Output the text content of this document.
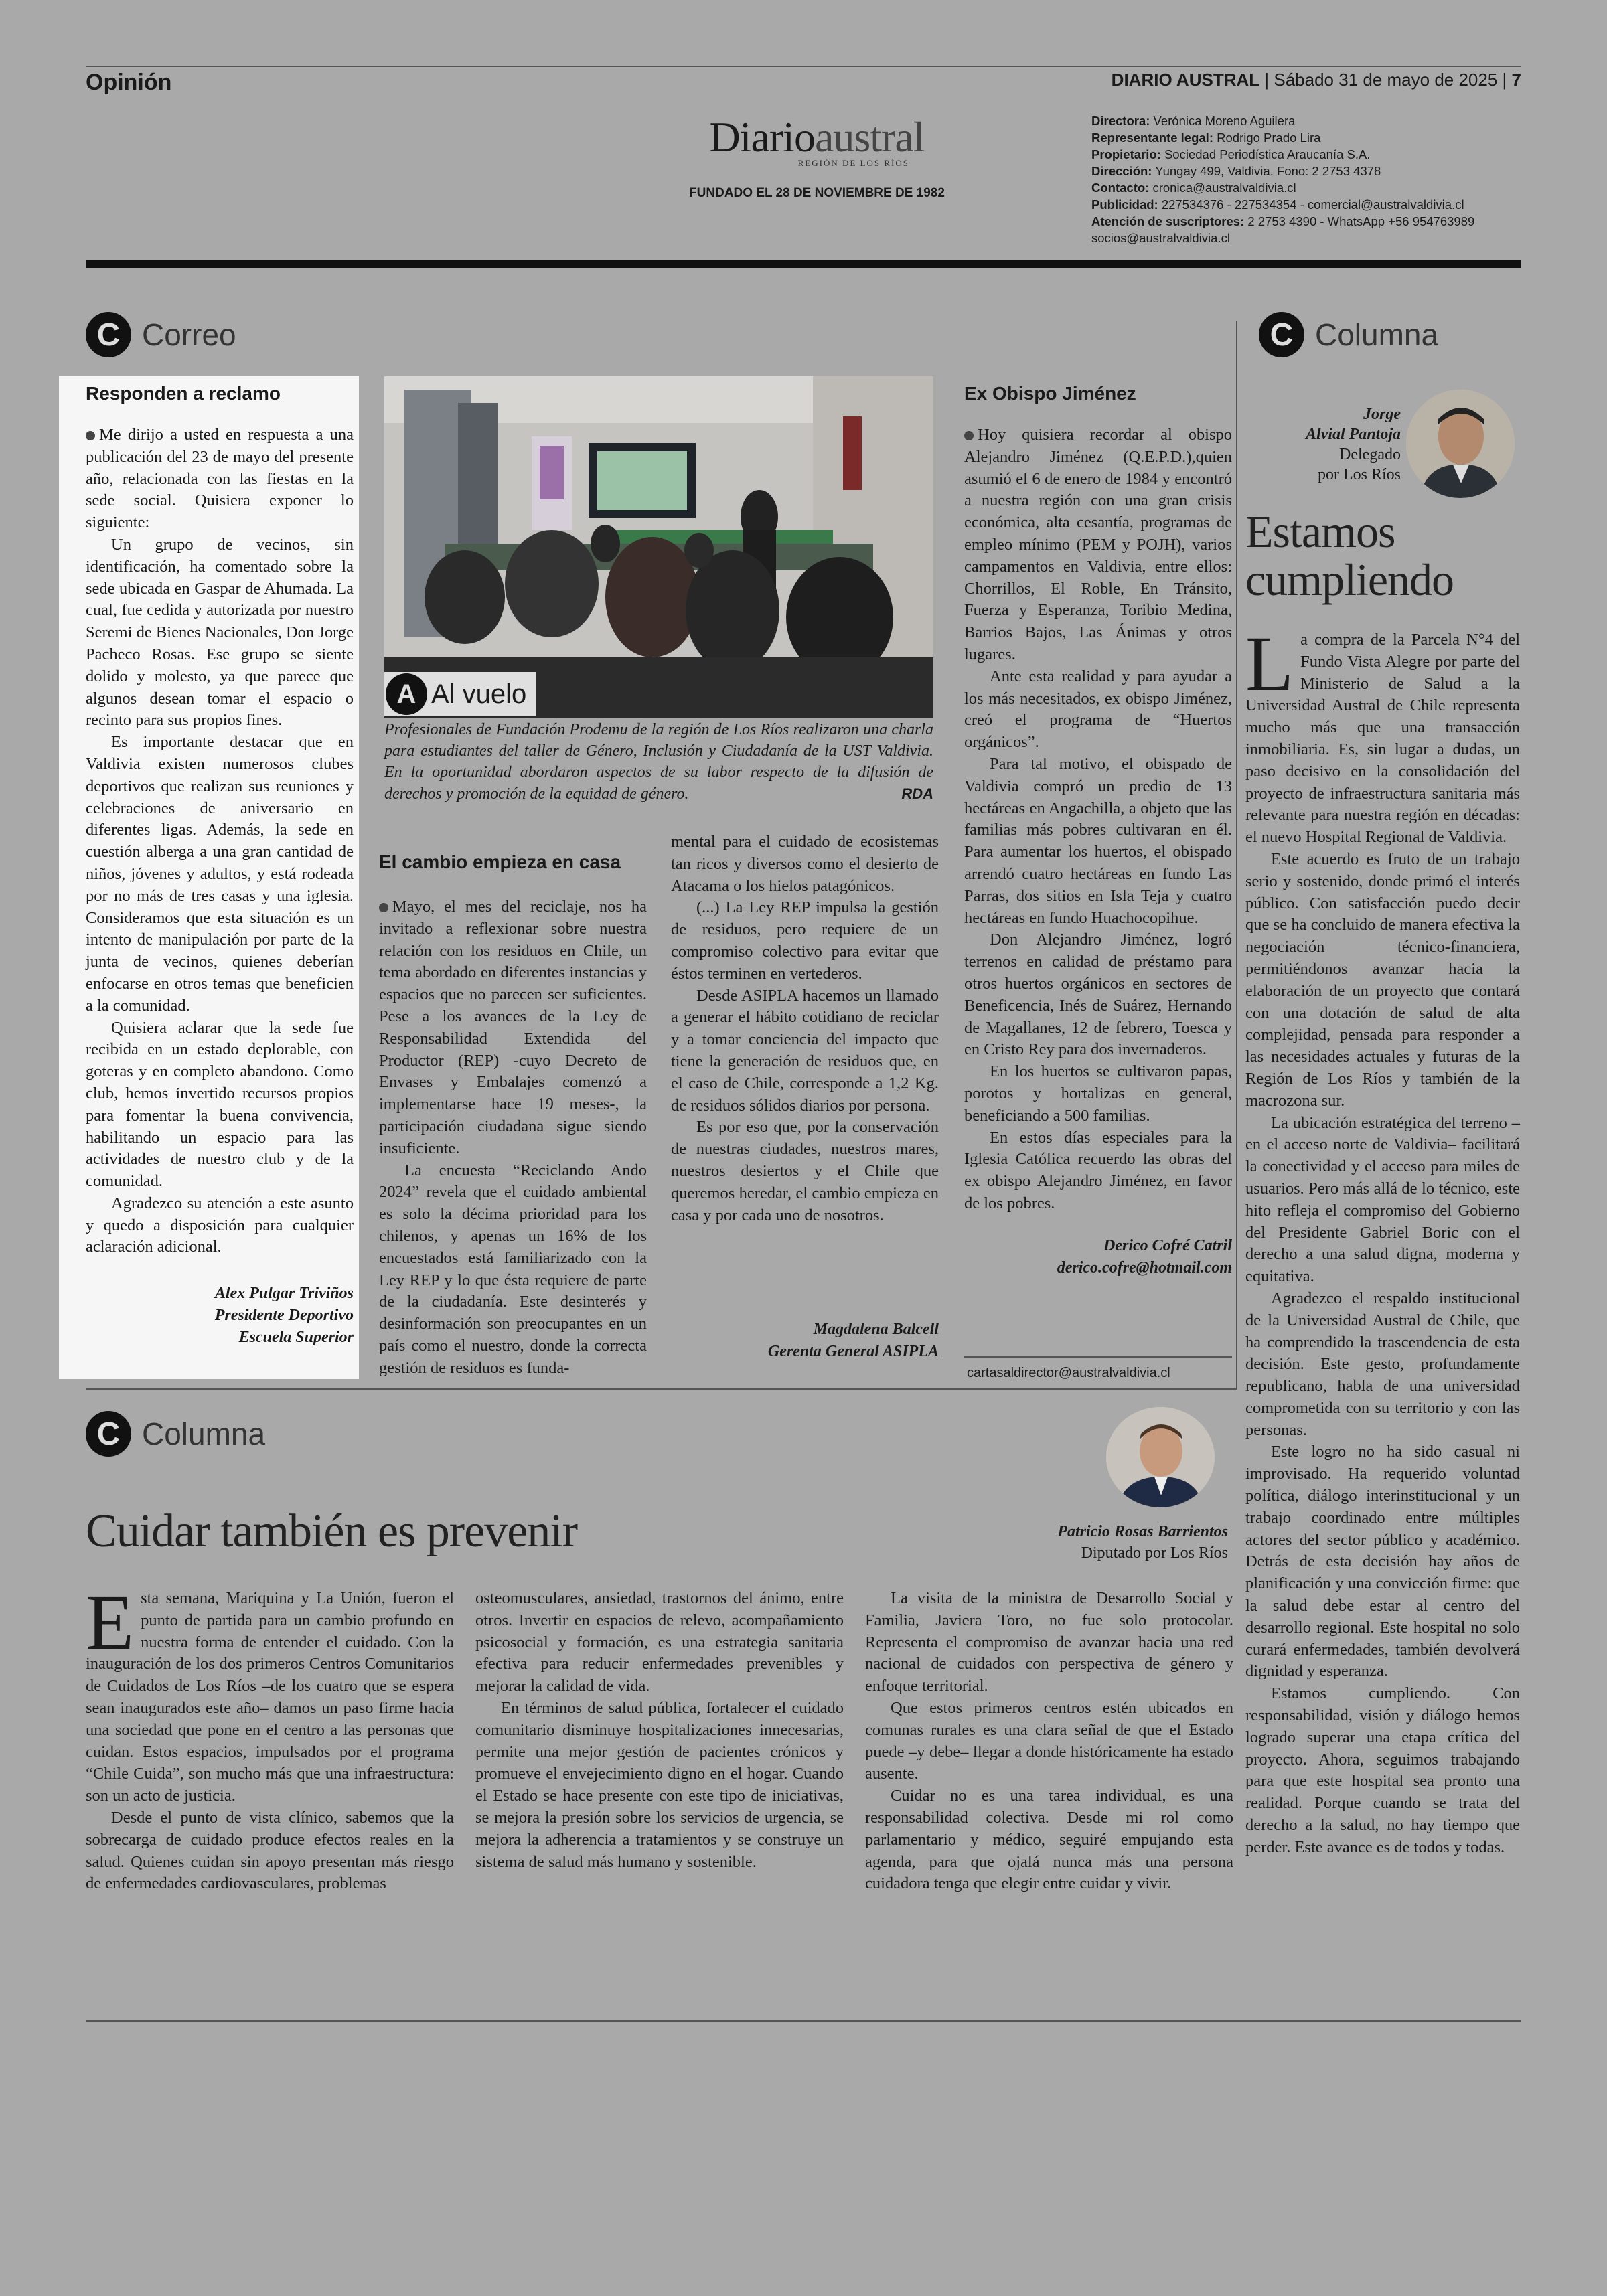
Opinión	DIARIO AUSTRAL | Sábado 31 de mayo de 2025 | 7
Diarioaustral
REGIÓN DE LOS RÍOS
FUNDADO EL 28 DE NOVIEMBRE DE 1982
Directora: Verónica Moreno Aguilera
Representante legal: Rodrigo Prado Lira
Propietario: Sociedad Periodística Araucanía S.A.
Dirección: Yungay 499, Valdivia. Fono: 2 2753 4378
Contacto: cronica@australvaldivia.cl
Publicidad: 227534376 - 227534354 - comercial@australvaldivia.cl
Atención de suscriptores: 2 2753 4390 - WhatsApp +56 954763989
socios@australvaldivia.cl
C Correo
Responden a reclamo

Me dirijo a usted en respuesta a una publicación del 23 de mayo del presente año, relacionada con las fiestas en la sede social. Quisiera exponer lo siguiente:

Un grupo de vecinos, sin identificación, ha comentado sobre la sede ubicada en Gaspar de Ahumada. La cual, fue cedida y autorizada por nuestro Seremi de Bienes Nacionales, Don Jorge Pacheco Rosas. Ese grupo se siente dolido y molesto, ya que parece que algunos desean tomar el espacio o recinto para sus propios fines.

Es importante destacar que en Valdivia existen numerosos clubes deportivos que realizan sus reuniones y celebraciones de aniversario en diferentes ligas. Además, la sede en cuestión alberga a una gran cantidad de niños, jóvenes y adultos, y está rodeada por no más de tres casas y una iglesia. Consideramos que esta situación es un intento de manipulación por parte de la junta de vecinos, quienes deberían enfocarse en otros temas que beneficien a la comunidad.

Quisiera aclarar que la sede fue recibida en un estado deplorable, con goteras y en completo abandono. Como club, hemos invertido recursos propios para fomentar la buena convivencia, habilitando un espacio para las actividades de nuestro club y de la comunidad.

Agradezco su atención a este asunto y quedo a disposición para cualquier aclaración adicional.

Alex Pulgar Triviños
Presidente Deportivo
Escuela Superior
A Al vuelo
Profesionales de Fundación Prodemu de la región de Los Ríos realizaron una charla para estudiantes del taller de Género, Inclusión y Ciudadanía de la UST Valdivia. En la oportunidad abordaron aspectos de su labor respecto de la difusión de derechos y promoción de la equidad de género.	RDA
El cambio empieza en casa

Mayo, el mes del reciclaje, nos ha invitado a reflexionar sobre nuestra relación con los residuos en Chile, un tema abordado en diferentes instancias y espacios que no parecen ser suficientes. Pese a los avances de la Ley de Responsabilidad Extendida del Productor (REP) -cuyo Decreto de Envases y Embalajes comenzó a implementarse hace 19 meses-, la participación ciudadana sigue siendo insuficiente.

La encuesta “Reciclando Ando 2024” revela que el cuidado ambiental es solo la décima prioridad para los chilenos, y apenas un 16% de los encuestados está familiarizado con la Ley REP y lo que ésta requiere de parte de la ciudadanía. Este desinterés y desinformación son preocupantes en un país como el nuestro, donde la correcta gestión de residuos es funda-

mental para el cuidado de ecosistemas tan ricos y diversos como el desierto de Atacama o los hielos patagónicos.

(...) La Ley REP impulsa la gestión de residuos, pero requiere de un compromiso colectivo para evitar que éstos terminen en vertederos.

Desde ASIPLA hacemos un llamado a generar el hábito cotidiano de reciclar y a tomar conciencia del impacto que tiene la generación de residuos que, en el caso de Chile, corresponde a 1,2 Kg. de residuos sólidos diarios por persona.

Es por eso que, por la conservación de nuestras ciudades, nuestros mares, nuestros desiertos y el Chile que queremos heredar, el cambio empieza en casa y por cada uno de nosotros.

Magdalena Balcell
Gerenta General ASIPLA
Ex Obispo Jiménez

Hoy quisiera recordar al obispo Alejandro Jiménez (Q.E.P.D.),quien asumió el 6 de enero de 1984 y encontró a nuestra región con una gran crisis económica, alta cesantía, programas de empleo mínimo (PEM y POJH), varios campamentos en Valdivia, entre ellos: Chorrillos, El Roble, En Tránsito, Fuerza y Esperanza, Toribio Medina, Barrios Bajos, Las Ánimas y otros lugares.

Ante esta realidad y para ayudar a los más necesitados, ex obispo Jiménez, creó el programa de “Huertos orgánicos”.

Para tal motivo, el obispado de Valdivia compró un predio de 13 hectáreas en Angachilla, a objeto que las familias más pobres cultivaran en él. Para aumentar los huertos, el obispado arrendó cuatro hectáreas en fundo Las Parras, dos sitios en Isla Teja y cuatro hectáreas en fundo Huachocopihue.

Don Alejandro Jiménez, logró terrenos en calidad de préstamo para otros huertos orgánicos en sectores de Beneficencia, Inés de Suárez, Hernando de Magallanes, 12 de febrero, Toesca y en Cristo Rey para dos invernaderos.

En los huertos se cultivaron papas, porotos y hortalizas en general, beneficiando a 500 familias.

En estos días especiales para la Iglesia Católica recuerdo las obras del ex obispo Alejandro Jiménez, en favor de los pobres.

Derico Cofré Catril
derico.cofre@hotmail.com
cartasaldirector@australvaldivia.cl
C Columna
Jorge
Alvial Pantoja
Delegado
por Los Ríos
Estamos cumpliendo

La compra de la Parcela N°4 del Fundo Vista Alegre por parte del Ministerio de Salud a la Universidad Austral de Chile representa mucho más que una transacción inmobiliaria. Es, sin lugar a dudas, un paso decisivo en la consolidación del proyecto de infraestructura sanitaria más relevante para nuestra región en décadas: el nuevo Hospital Regional de Valdivia.

Este acuerdo es fruto de un trabajo serio y sostenido, donde primó el interés público. Con satisfacción puedo decir que se ha concluido de manera efectiva la negociación técnico-financiera, permitiéndonos avanzar hacia la elaboración de un proyecto que contará con una dotación de salud de alta complejidad, pensada para responder a las necesidades actuales y futuras de la Región de Los Ríos y también de la macrozona sur.

La ubicación estratégica del terreno –en el acceso norte de Valdivia– facilitará la conectividad y el acceso para miles de usuarios. Pero más allá de lo técnico, este hito refleja el compromiso del Gobierno del Presidente Gabriel Boric con el derecho a una salud digna, moderna y equitativa.

Agradezco el respaldo institucional de la Universidad Austral de Chile, que ha comprendido la trascendencia de esta decisión. Este gesto, profundamente republicano, habla de una universidad comprometida con su territorio y con las personas.

Este logro no ha sido casual ni improvisado. Ha requerido voluntad política, diálogo interinstitucional y un trabajo coordinado entre múltiples actores del sector público y académico. Detrás de esta decisión hay años de planificación y una convicción firme: que la salud debe estar al centro del desarrollo regional. Este hospital no solo curará enfermedades, también devolverá dignidad y esperanza.

Estamos cumpliendo. Con responsabilidad, visión y diálogo hemos logrado superar una etapa crítica del proyecto. Ahora, seguimos trabajando para que este hospital sea pronto una realidad. Porque cuando se trata del derecho a la salud, no hay tiempo que perder. Este avance es de todos y todas.

C Columna
Cuidar también es prevenir	Patricio Rosas Barrientos
Diputado por Los Ríos

Esta semana, Mariquina y La Unión, fueron el punto de partida para un cambio profundo en nuestra forma de entender el cuidado. Con la inauguración de los dos primeros Centros Comunitarios de Cuidados de Los Ríos –de los cuatro que se espera sean inaugurados este año– damos un paso firme hacia una sociedad que pone en el centro a las personas que cuidan. Estos espacios, impulsados por el programa “Chile Cuida”, son mucho más que una infraestructura: son un acto de justicia.

Desde el punto de vista clínico, sabemos que la sobrecarga de cuidado produce efectos reales en la salud. Quienes cuidan sin apoyo presentan más riesgo de enfermedades cardiovasculares, problemas

osteomusculares, ansiedad, trastornos del ánimo, entre otros. Invertir en espacios de relevo, acompañamiento psicosocial y formación, es una estrategia sanitaria efectiva para reducir enfermedades prevenibles y mejorar la calidad de vida.

En términos de salud pública, fortalecer el cuidado comunitario disminuye hospitalizaciones innecesarias, permite una mejor gestión de pacientes crónicos y promueve el envejecimiento digno en el hogar. Cuando el Estado se hace presente con este tipo de iniciativas, se mejora la presión sobre los servicios de urgencia, se mejora la adherencia a tratamientos y se construye un sistema de salud más humano y sostenible.

La visita de la ministra de Desarrollo Social y Familia, Javiera Toro, no fue solo protocolar. Representa el compromiso de avanzar hacia una red nacional de cuidados con perspectiva de género y enfoque territorial.

Que estos primeros centros estén ubicados en comunas rurales es una clara señal de que el Estado puede –y debe– llegar a donde históricamente ha estado ausente.

Cuidar no es una tarea individual, es una responsabilidad colectiva. Desde mi rol como parlamentario y médico, seguiré empujando esta agenda, para que ojalá nunca más una persona cuidadora tenga que elegir entre cuidar y vivir.
